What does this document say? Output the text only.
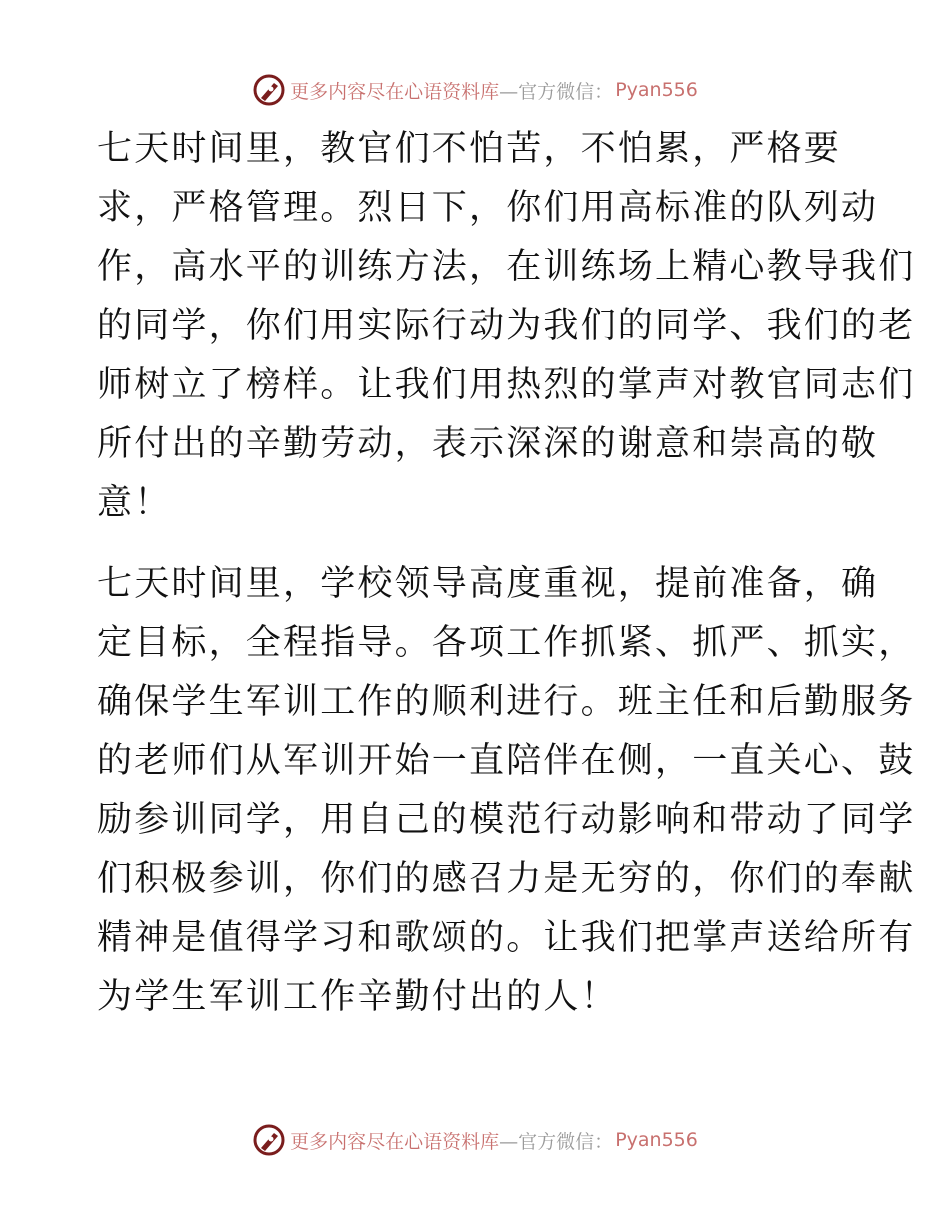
更多内容尽在心语资料库 —官方微信： Pyan556

七天时间里，教官们不怕苦，不怕累，严格要
求，严格管理。烈日下，你们用高标准的队列动
作，高水平的训练方法，在训练场上精心教导我们
的同学，你们用实际行动为我们的同学、我们的老
师树立了榜样。让我们用热烈的掌声对教官同志们
所付出的辛勤劳动，表示深深的谢意和崇高的敬
意！

七天时间里，学校领导高度重视，提前准备，确
定目标，全程指导。各项工作抓紧、抓严、抓实，
确保学生军训工作的顺利进行。班主任和后勤服务
的老师们从军训开始一直陪伴在侧，一直关心、鼓
励参训同学，用自己的模范行动影响和带动了同学
们积极参训，你们的感召力是无穷的，你们的奉献
精神是值得学习和歌颂的。让我们把掌声送给所有
为学生军训工作辛勤付出的人！

更多内容尽在心语资料库 —官方微信： Pyan556
